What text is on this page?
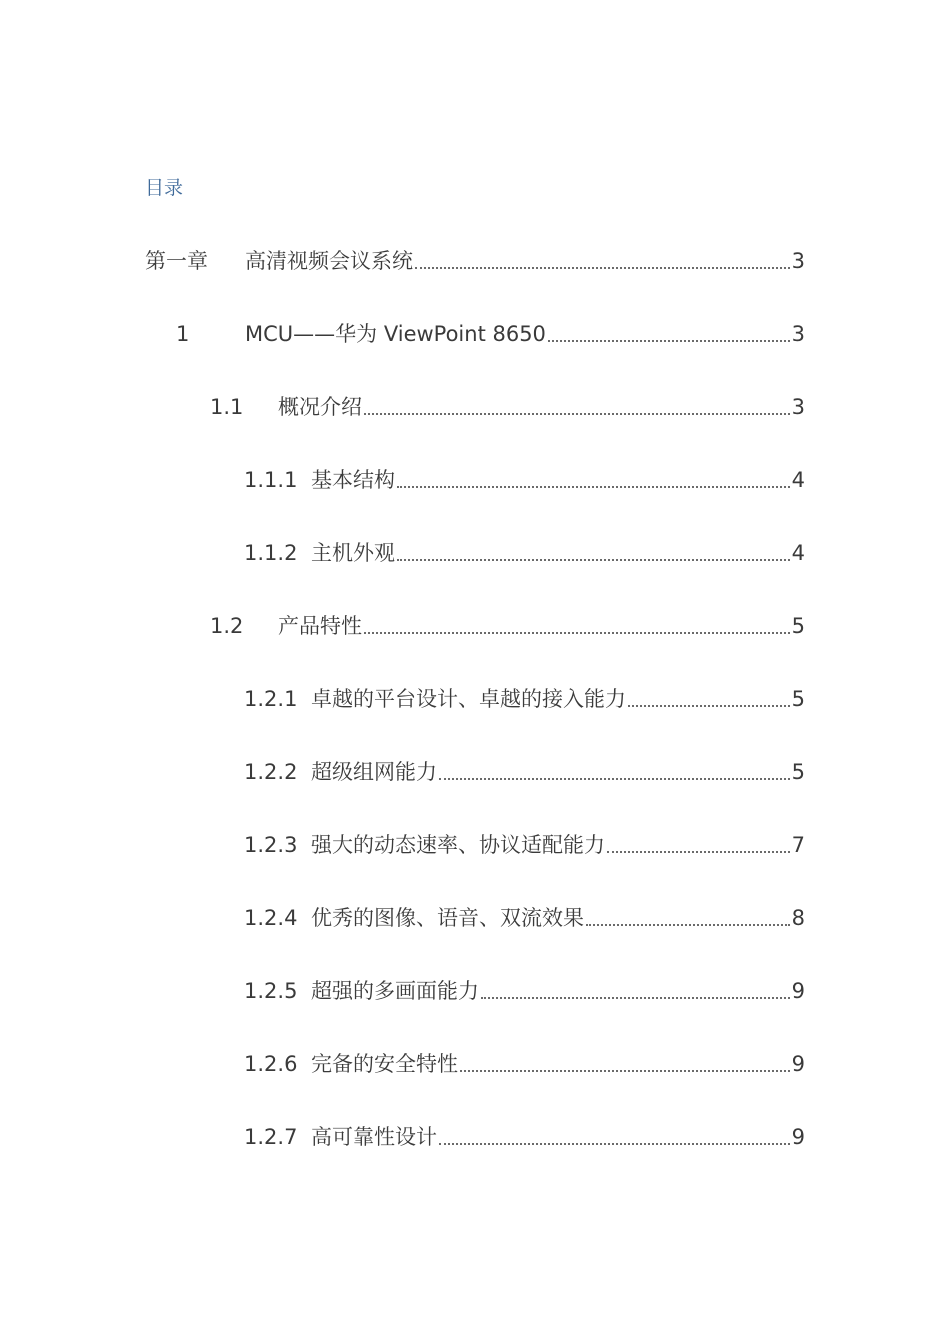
目录
第一章	高清视频会议系统	3
1	MCU——华为 ViewPoint 8650	3
1.1	概况介绍	3
1.1.1 基本结构	4
1.1.2 主机外观	4
1.2	产品特性	5
1.2.1 卓越的平台设计、卓越的接入能力	5
1.2.2 超级组网能力	5
1.2.3 强大的动态速率、协议适配能力	7
1.2.4 优秀的图像、语音、双流效果	8
1.2.5 超强的多画面能力	9
1.2.6 完备的安全特性	9
1.2.7 高可靠性设计	9
